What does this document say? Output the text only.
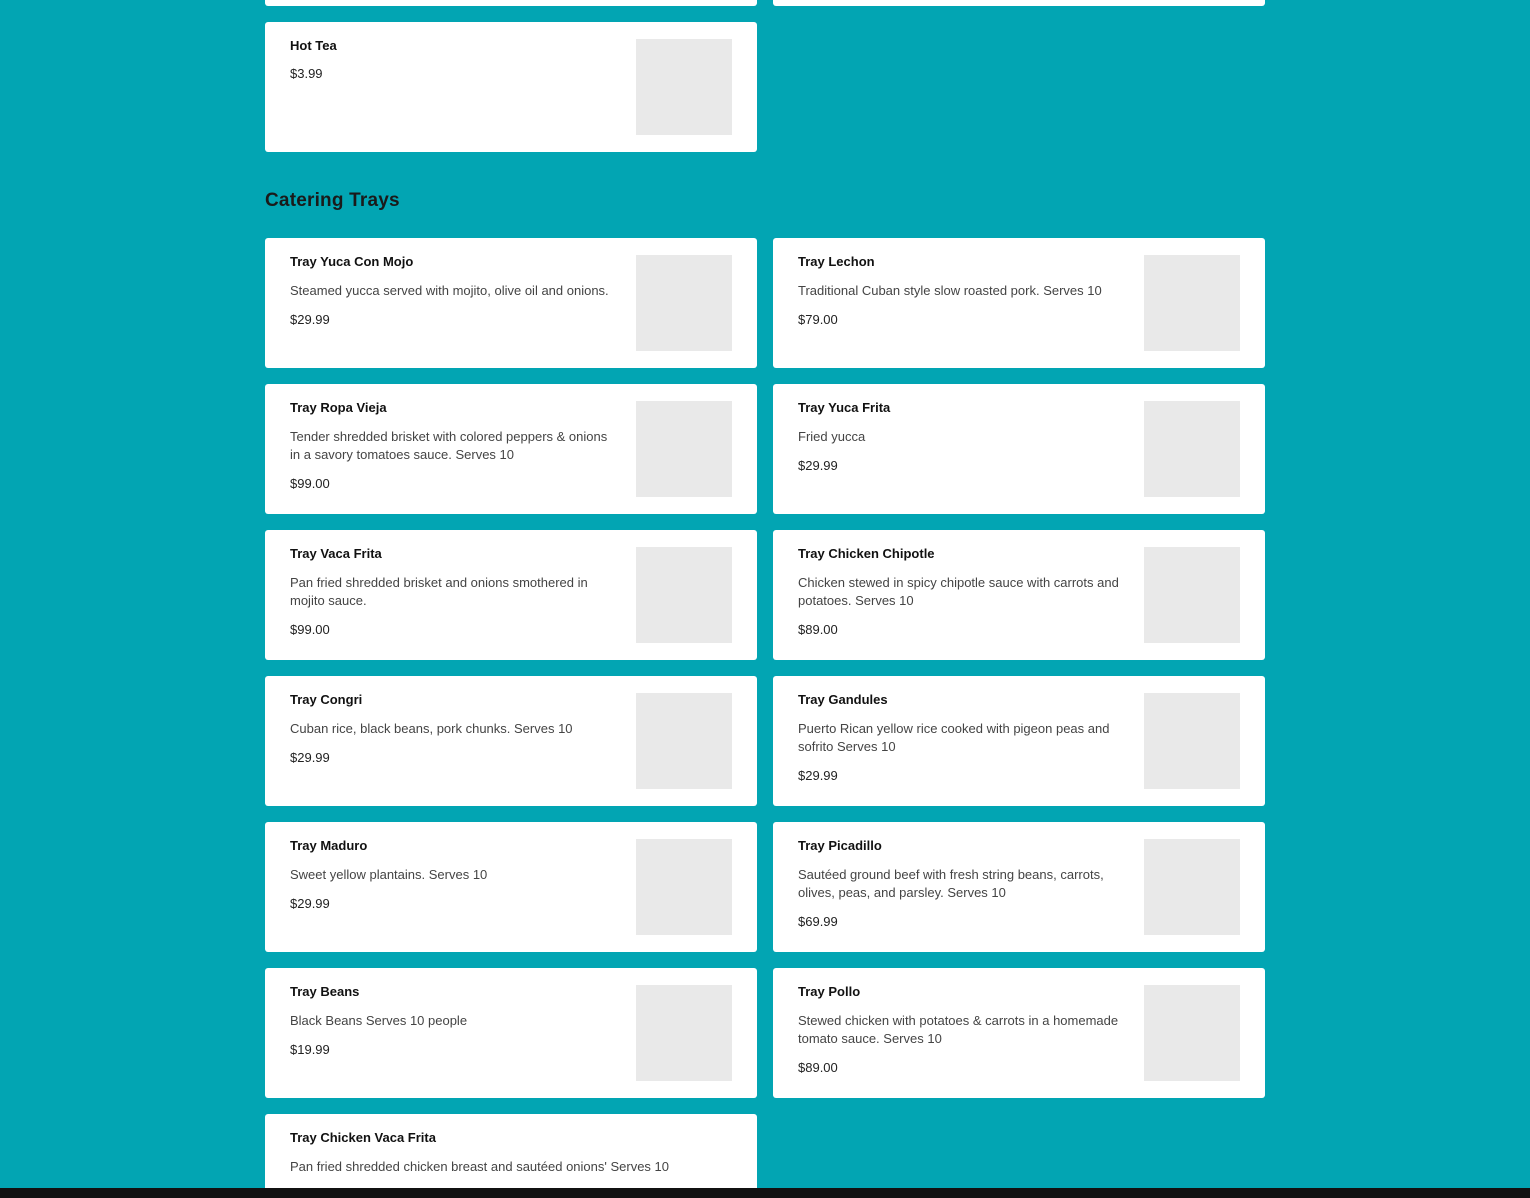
Hot Tea
$3.99
Catering Trays
Tray Yuca Con Mojo
Steamed yucca served with mojito, olive oil and onions.
$29.99
Tray Lechon
Traditional Cuban style slow roasted pork. Serves 10
$79.00
Tray Ropa Vieja
Tender shredded brisket with colored peppers & onions in a savory tomatoes sauce. Serves 10
$99.00
Tray Yuca Frita
Fried yucca
$29.99
Tray Vaca Frita
Pan fried shredded brisket and onions smothered in mojito sauce.
$99.00
Tray Chicken Chipotle
Chicken stewed in spicy chipotle sauce with carrots and potatoes. Serves 10
$89.00
Tray Congri
Cuban rice, black beans, pork chunks. Serves 10
$29.99
Tray Gandules
Puerto Rican yellow rice cooked with pigeon peas and sofrito Serves 10
$29.99
Tray Maduro
Sweet yellow plantains. Serves 10
$29.99
Tray Picadillo
Sautéed ground beef with fresh string beans, carrots, olives, peas, and parsley. Serves 10
$69.99
Tray Beans
Black Beans Serves 10 people
$19.99
Tray Pollo
Stewed chicken with potatoes & carrots in a homemade tomato sauce. Serves 10
$89.00
Tray Chicken Vaca Frita
Pan fried shredded chicken breast and sautéed onions' Serves 10
